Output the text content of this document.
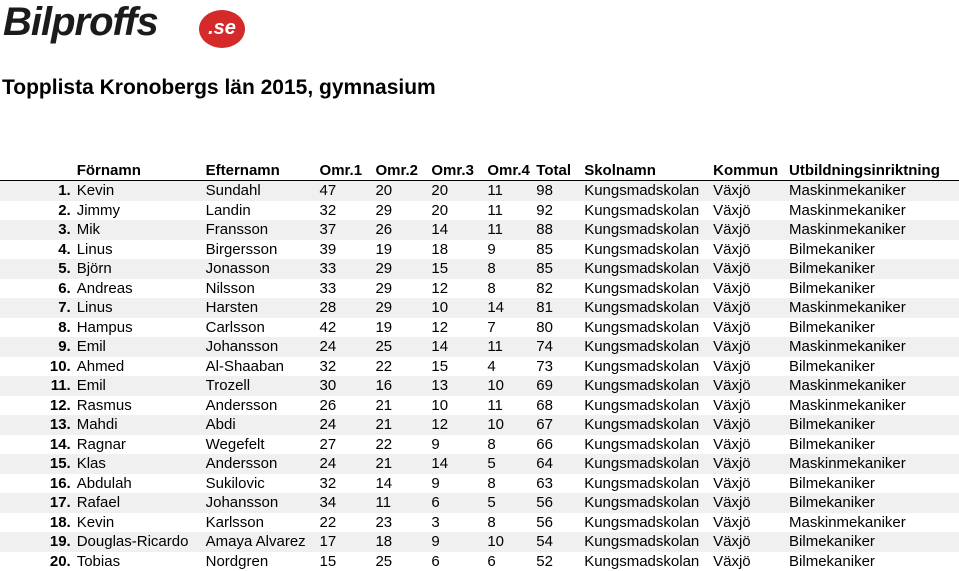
Bilproffs	.se
Topplista Kronobergs län 2015, gymnasium
	Förnamn	Efternamn	Omr.1	Omr.2	Omr.3	Omr.4	Total	Skolnamn	Kommun	Utbildningsinriktning
1.	Kevin	Sundahl	47	20	20	11	98	Kungsmadskolan	Växjö	Maskinmekaniker
2.	Jimmy	Landin	32	29	20	11	92	Kungsmadskolan	Växjö	Maskinmekaniker
3.	Mik	Fransson	37	26	14	11	88	Kungsmadskolan	Växjö	Maskinmekaniker
4.	Linus	Birgersson	39	19	18	9	85	Kungsmadskolan	Växjö	Bilmekaniker
5.	Björn	Jonasson	33	29	15	8	85	Kungsmadskolan	Växjö	Bilmekaniker
6.	Andreas	Nilsson	33	29	12	8	82	Kungsmadskolan	Växjö	Bilmekaniker
7.	Linus	Harsten	28	29	10	14	81	Kungsmadskolan	Växjö	Maskinmekaniker
8.	Hampus	Carlsson	42	19	12	7	80	Kungsmadskolan	Växjö	Bilmekaniker
9.	Emil	Johansson	24	25	14	11	74	Kungsmadskolan	Växjö	Maskinmekaniker
10.	Ahmed	Al-Shaaban	32	22	15	4	73	Kungsmadskolan	Växjö	Bilmekaniker
11.	Emil	Trozell	30	16	13	10	69	Kungsmadskolan	Växjö	Maskinmekaniker
12.	Rasmus	Andersson	26	21	10	11	68	Kungsmadskolan	Växjö	Maskinmekaniker
13.	Mahdi	Abdi	24	21	12	10	67	Kungsmadskolan	Växjö	Bilmekaniker
14.	Ragnar	Wegefelt	27	22	9	8	66	Kungsmadskolan	Växjö	Bilmekaniker
15.	Klas	Andersson	24	21	14	5	64	Kungsmadskolan	Växjö	Maskinmekaniker
16.	Abdulah	Sukilovic	32	14	9	8	63	Kungsmadskolan	Växjö	Bilmekaniker
17.	Rafael	Johansson	34	11	6	5	56	Kungsmadskolan	Växjö	Bilmekaniker
18.	Kevin	Karlsson	22	23	3	8	56	Kungsmadskolan	Växjö	Maskinmekaniker
19.	Douglas-Ricardo	Amaya Alvarez	17	18	9	10	54	Kungsmadskolan	Växjö	Bilmekaniker
20.	Tobias	Nordgren	15	25	6	6	52	Kungsmadskolan	Växjö	Bilmekaniker
